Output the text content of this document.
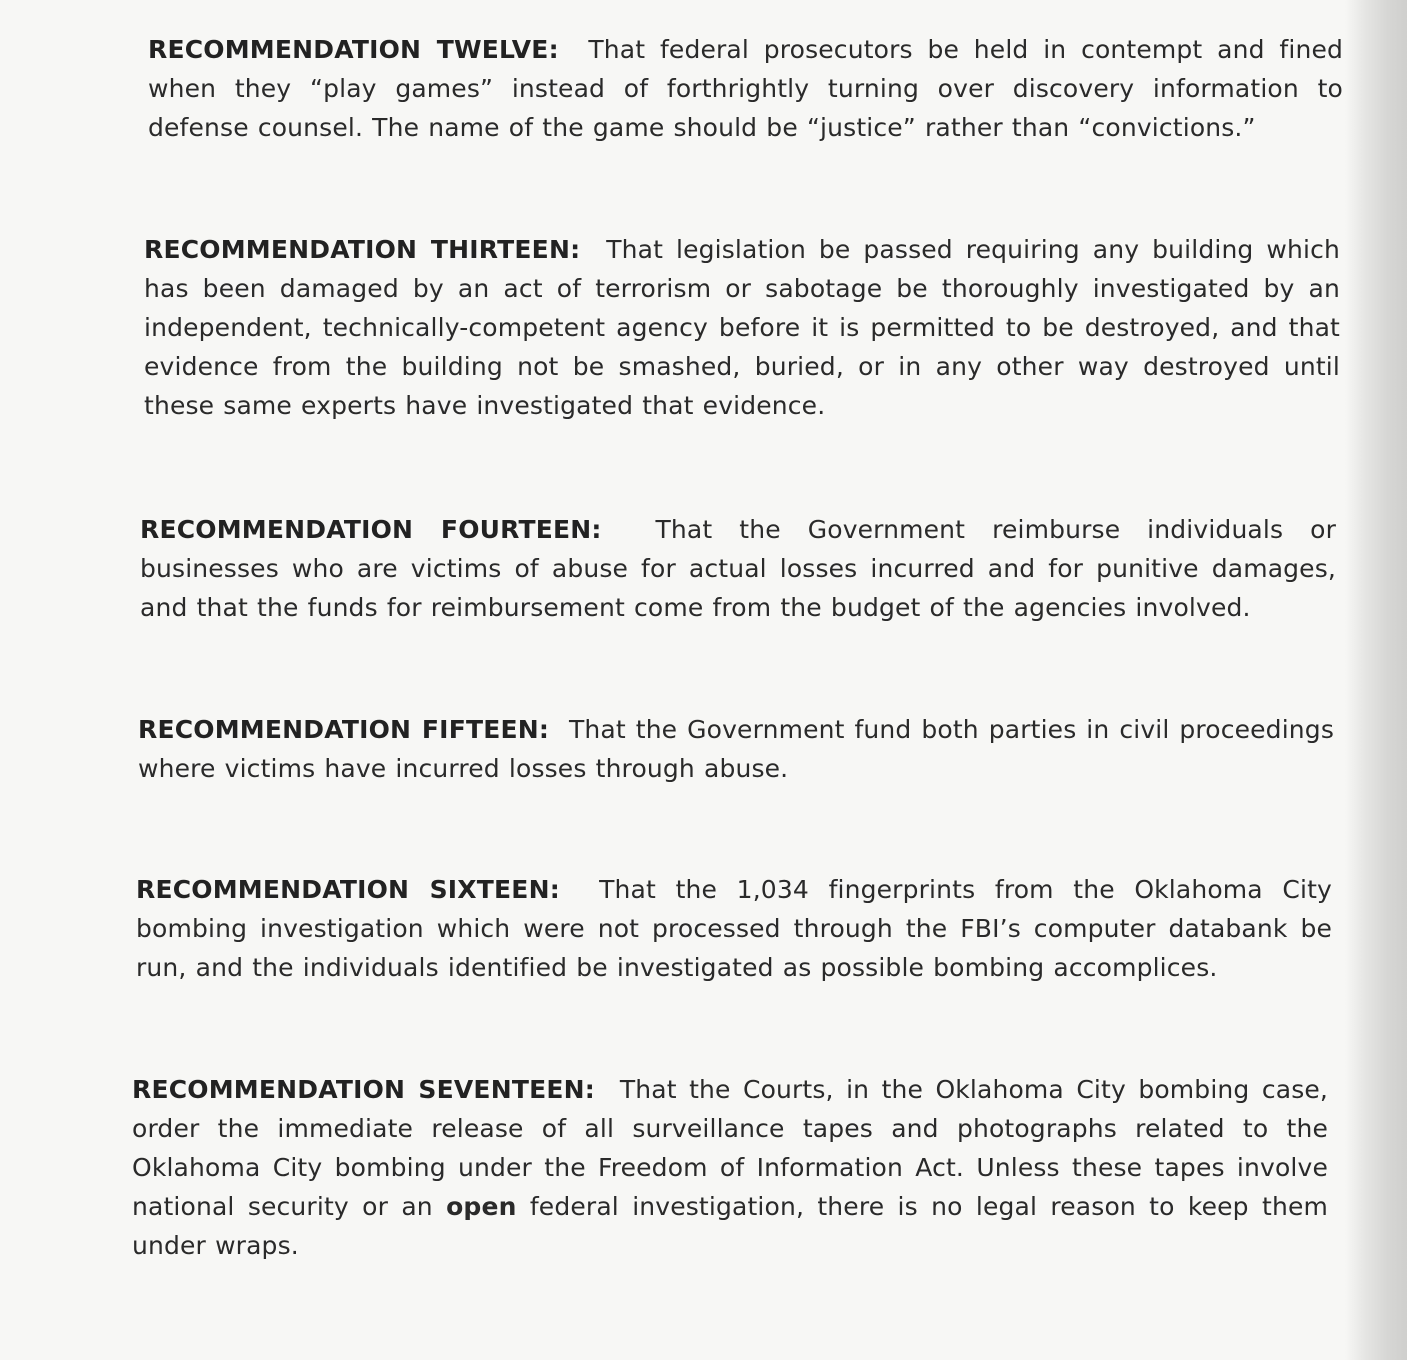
RECOMMENDATION TWELVE: That federal prosecutors be held in contempt and fined when they “play games” instead of forthrightly turning over discovery information to defense counsel. The name of the game should be “justice” rather than “convictions.”

RECOMMENDATION THIRTEEN: That legislation be passed requiring any building which has been damaged by an act of terrorism or sabotage be thoroughly investigated by an independent, technically-competent agency before it is permitted to be destroyed, and that evidence from the building not be smashed, buried, or in any other way destroyed until these same experts have investigated that evidence.

RECOMMENDATION FOURTEEN: That the Government reimburse individuals or businesses who are victims of abuse for actual losses incurred and for punitive damages, and that the funds for reimbursement come from the budget of the agencies involved.

RECOMMENDATION FIFTEEN: That the Government fund both parties in civil proceedings where victims have incurred losses through abuse.

RECOMMENDATION SIXTEEN: That the 1,034 fingerprints from the Oklahoma City bombing investigation which were not processed through the FBI’s computer databank be run, and the individuals identified be investigated as possible bombing accomplices.

RECOMMENDATION SEVENTEEN: That the Courts, in the Oklahoma City bombing case, order the immediate release of all surveillance tapes and photographs related to the Oklahoma City bombing under the Freedom of Information Act. Unless these tapes involve national security or an open federal investigation, there is no legal reason to keep them under wraps.
